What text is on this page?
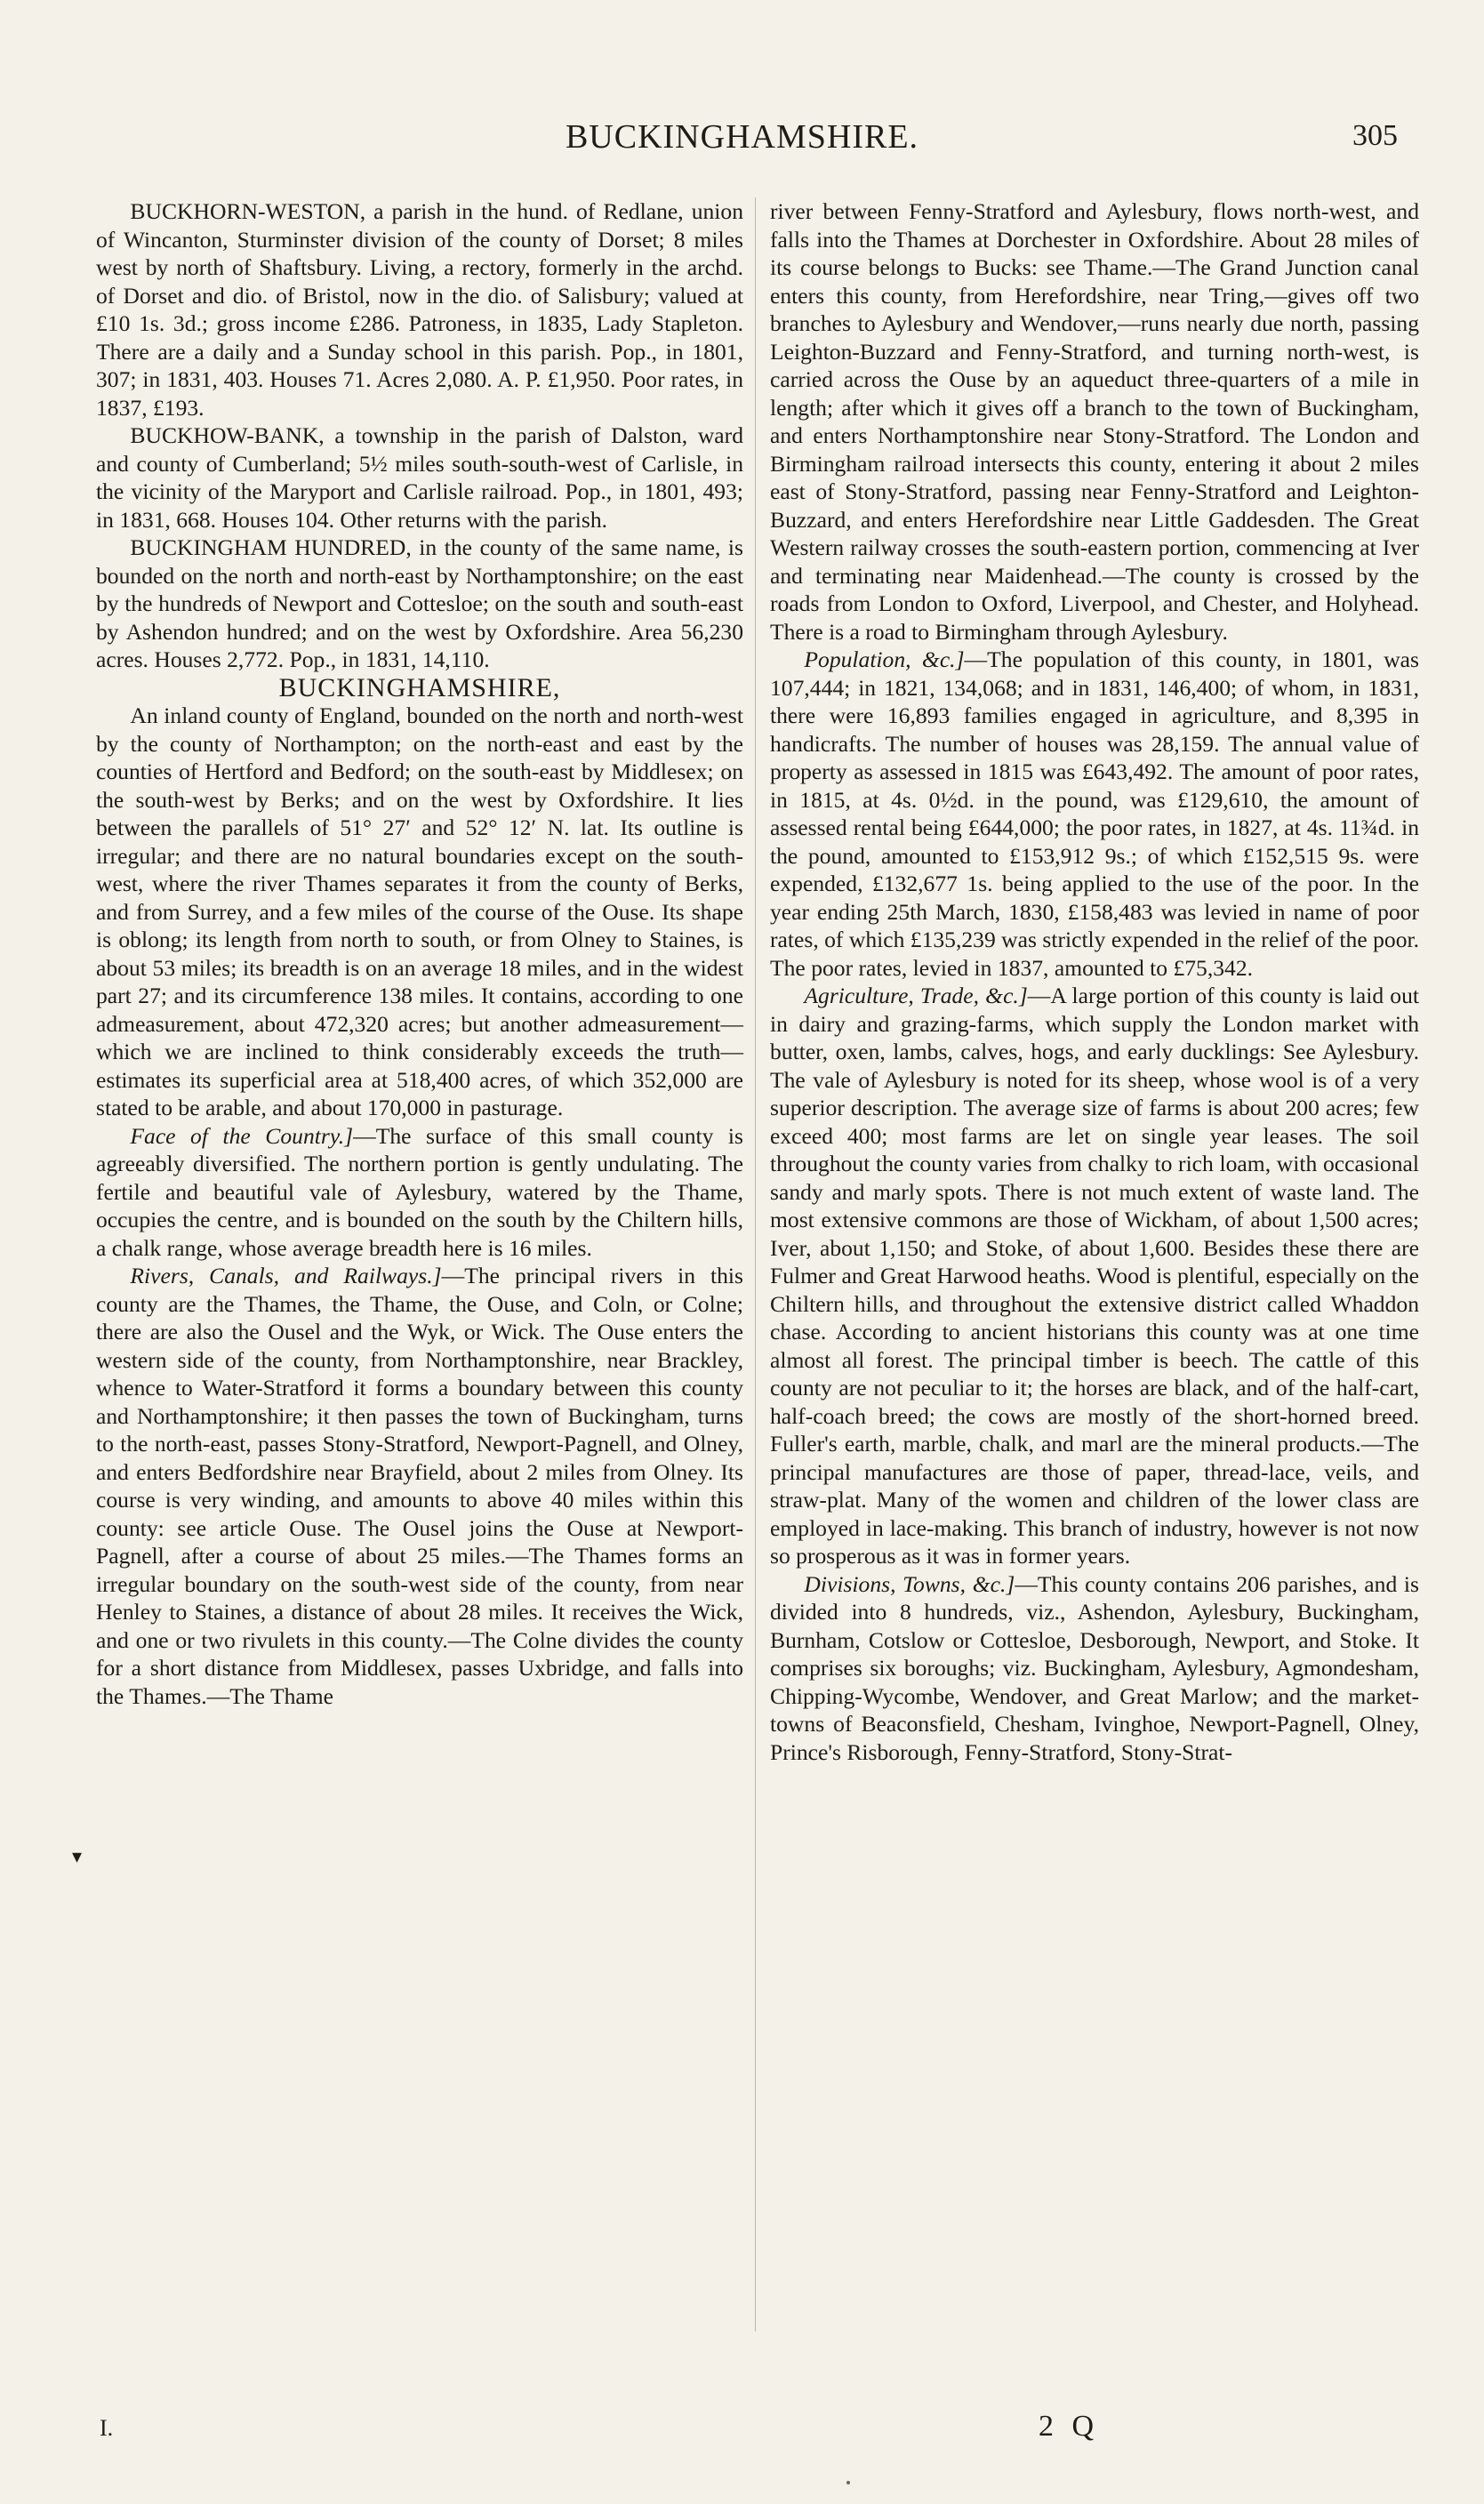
BUCKINGHAMSHIRE.	305
▾

BUCKHORN-WESTON, a parish in the hund. of Redlane, union of Wincanton, Sturminster division of the county of Dorset; 8 miles west by north of Shaftsbury. Living, a rectory, formerly in the archd. of Dorset and dio. of Bristol, now in the dio. of Salisbury; valued at £10 1s. 3d.; gross income £286. Patroness, in 1835, Lady Stapleton. There are a daily and a Sunday school in this parish. Pop., in 1801, 307; in 1831, 403. Houses 71. Acres 2,080. A. P. £1,950. Poor rates, in 1837, £193.

BUCKHOW-BANK, a township in the parish of Dalston, ward and county of Cumberland; 5½ miles south-south-west of Carlisle, in the vicinity of the Maryport and Carlisle railroad. Pop., in 1801, 493; in 1831, 668. Houses 104. Other returns with the parish.

BUCKINGHAM HUNDRED, in the county of the same name, is bounded on the north and north-east by Northamptonshire; on the east by the hundreds of Newport and Cottesloe; on the south and south-east by Ashendon hundred; and on the west by Oxfordshire. Area 56,230 acres. Houses 2,772. Pop., in 1831, 14,110.

BUCKINGHAMSHIRE,

An inland county of England, bounded on the north and north-west by the county of Northampton; on the north-east and east by the counties of Hertford and Bedford; on the south-east by Middlesex; on the south-west by Berks; and on the west by Oxfordshire. It lies between the parallels of 51° 27′ and 52° 12′ N. lat. Its outline is irregular; and there are no natural boundaries except on the south-west, where the river Thames separates it from the county of Berks, and from Surrey, and a few miles of the course of the Ouse. Its shape is oblong; its length from north to south, or from Olney to Staines, is about 53 miles; its breadth is on an average 18 miles, and in the widest part 27; and its circumference 138 miles. It contains, according to one admeasurement, about 472,320 acres; but another admeasurement—which we are inclined to think considerably exceeds the truth—estimates its superficial area at 518,400 acres, of which 352,000 are stated to be arable, and about 170,000 in pasturage.

Face of the Country.]—The surface of this small county is agreeably diversified. The northern portion is gently undulating. The fertile and beautiful vale of Aylesbury, watered by the Thame, occupies the centre, and is bounded on the south by the Chiltern hills, a chalk range, whose average breadth here is 16 miles.

Rivers, Canals, and Railways.]—The principal rivers in this county are the Thames, the Thame, the Ouse, and Coln, or Colne; there are also the Ousel and the Wyk, or Wick. The Ouse enters the western side of the county, from Northamptonshire, near Brackley, whence to Water-Stratford it forms a boundary between this county and Northamptonshire; it then passes the town of Buckingham, turns to the north-east, passes Stony-Stratford, Newport-Pagnell, and Olney, and enters Bedfordshire near Brayfield, about 2 miles from Olney. Its course is very winding, and amounts to above 40 miles within this county: see article Ouse. The Ousel joins the Ouse at Newport-Pagnell, after a course of about 25 miles.—The Thames forms an irregular boundary on the south-west side of the county, from near Henley to Staines, a distance of about 28 miles. It receives the Wick, and one or two rivulets in this county.—The Colne divides the county for a short distance from Middlesex, passes Uxbridge, and falls into the Thames.—The Thame

river between Fenny-Stratford and Aylesbury, flows north-west, and falls into the Thames at Dorchester in Oxfordshire. About 28 miles of its course belongs to Bucks: see Thame.—The Grand Junction canal enters this county, from Herefordshire, near Tring,—gives off two branches to Aylesbury and Wendover,—runs nearly due north, passing Leighton-Buzzard and Fenny-Stratford, and turning north-west, is carried across the Ouse by an aqueduct three-quarters of a mile in length; after which it gives off a branch to the town of Buckingham, and enters Northamptonshire near Stony-Stratford. The London and Birmingham railroad intersects this county, entering it about 2 miles east of Stony-Stratford, passing near Fenny-Stratford and Leighton-Buzzard, and enters Herefordshire near Little Gaddesden. The Great Western railway crosses the south-eastern portion, commencing at Iver and terminating near Maidenhead.—The county is crossed by the roads from London to Oxford, Liverpool, and Chester, and Holyhead. There is a road to Birmingham through Aylesbury.

Population, &c.]—The population of this county, in 1801, was 107,444; in 1821, 134,068; and in 1831, 146,400; of whom, in 1831, there were 16,893 families engaged in agriculture, and 8,395 in handicrafts. The number of houses was 28,159. The annual value of property as assessed in 1815 was £643,492. The amount of poor rates, in 1815, at 4s. 0½d. in the pound, was £129,610, the amount of assessed rental being £644,000; the poor rates, in 1827, at 4s. 11¾d. in the pound, amounted to £153,912 9s.; of which £152,515 9s. were expended, £132,677 1s. being applied to the use of the poor. In the year ending 25th March, 1830, £158,483 was levied in name of poor rates, of which £135,239 was strictly expended in the relief of the poor. The poor rates, levied in 1837, amounted to £75,342.

Agriculture, Trade, &c.]—A large portion of this county is laid out in dairy and grazing-farms, which supply the London market with butter, oxen, lambs, calves, hogs, and early ducklings: See Aylesbury. The vale of Aylesbury is noted for its sheep, whose wool is of a very superior description. The average size of farms is about 200 acres; few exceed 400; most farms are let on single year leases. The soil throughout the county varies from chalky to rich loam, with occasional sandy and marly spots. There is not much extent of waste land. The most extensive commons are those of Wickham, of about 1,500 acres; Iver, about 1,150; and Stoke, of about 1,600. Besides these there are Fulmer and Great Harwood heaths. Wood is plentiful, especially on the Chiltern hills, and throughout the extensive district called Whaddon chase. According to ancient historians this county was at one time almost all forest. The principal timber is beech. The cattle of this county are not peculiar to it; the horses are black, and of the half-cart, half-coach breed; the cows are mostly of the short-horned breed. Fuller's earth, marble, chalk, and marl are the mineral products.—The principal manufactures are those of paper, thread-lace, veils, and straw-plat. Many of the women and children of the lower class are employed in lace-making. This branch of industry, however is not now so prosperous as it was in former years.

Divisions, Towns, &c.]—This county contains 206 parishes, and is divided into 8 hundreds, viz., Ashendon, Aylesbury, Buckingham, Burnham, Cotslow or Cottesloe, Desborough, Newport, and Stoke. It comprises six boroughs; viz. Buckingham, Aylesbury, Agmondesham, Chipping-Wycombe, Wendover, and Great Marlow; and the market-towns of Beaconsfield, Chesham, Ivinghoe, Newport-Pagnell, Olney, Prince's Risborough, Fenny-Stratford, Stony-Strat-

I.	2 Q
